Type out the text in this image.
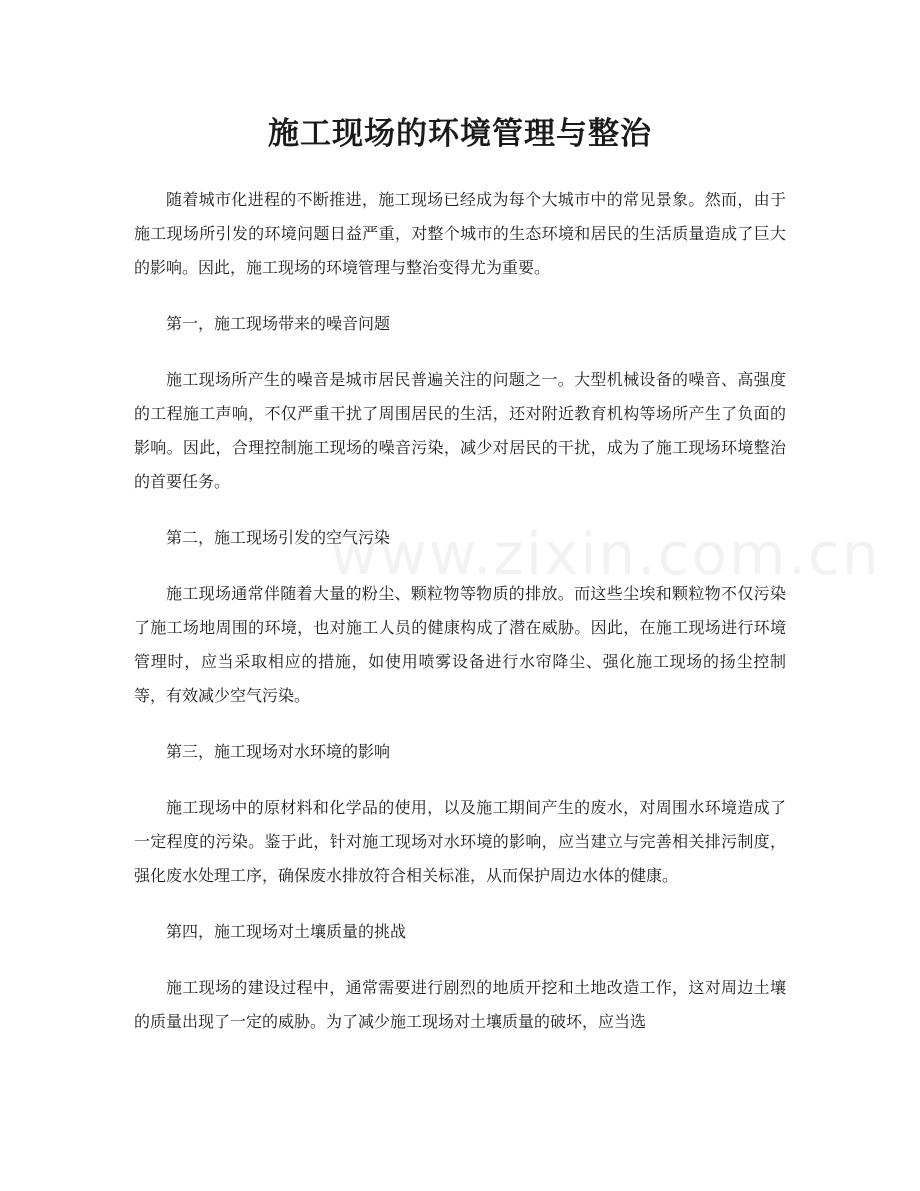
施工现场的环境管理与整治
www.zixin.com.cn

随着城市化进程的不断推进，施工现场已经成为每个大城市中的常见景象。然而，由于施工现场所引发的环境问题日益严重，对整个城市的生态环境和居民的生活质量造成了巨大的影响。因此，施工现场的环境管理与整治变得尤为重要。

第一，施工现场带来的噪音问题

施工现场所产生的噪音是城市居民普遍关注的问题之一。大型机械设备的噪音、高强度的工程施工声响，不仅严重干扰了周围居民的生活，还对附近教育机构等场所产生了负面的影响。因此，合理控制施工现场的噪音污染，减少对居民的干扰，成为了施工现场环境整治的首要任务。

第二，施工现场引发的空气污染

施工现场通常伴随着大量的粉尘、颗粒物等物质的排放。而这些尘埃和颗粒物不仅污染了施工场地周围的环境，也对施工人员的健康构成了潜在威胁。因此，在施工现场进行环境管理时，应当采取相应的措施，如使用喷雾设备进行水帘降尘、强化施工现场的扬尘控制等，有效减少空气污染。

第三，施工现场对水环境的影响

施工现场中的原材料和化学品的使用，以及施工期间产生的废水，对周围水环境造成了一定程度的污染。鉴于此，针对施工现场对水环境的影响，应当建立与完善相关排污制度，强化废水处理工序，确保废水排放符合相关标准，从而保护周边水体的健康。

第四，施工现场对土壤质量的挑战

施工现场的建设过程中，通常需要进行剧烈的地质开挖和土地改造工作，这对周边土壤的质量出现了一定的威胁。为了减少施工现场对土壤质量的破坏，应当选
